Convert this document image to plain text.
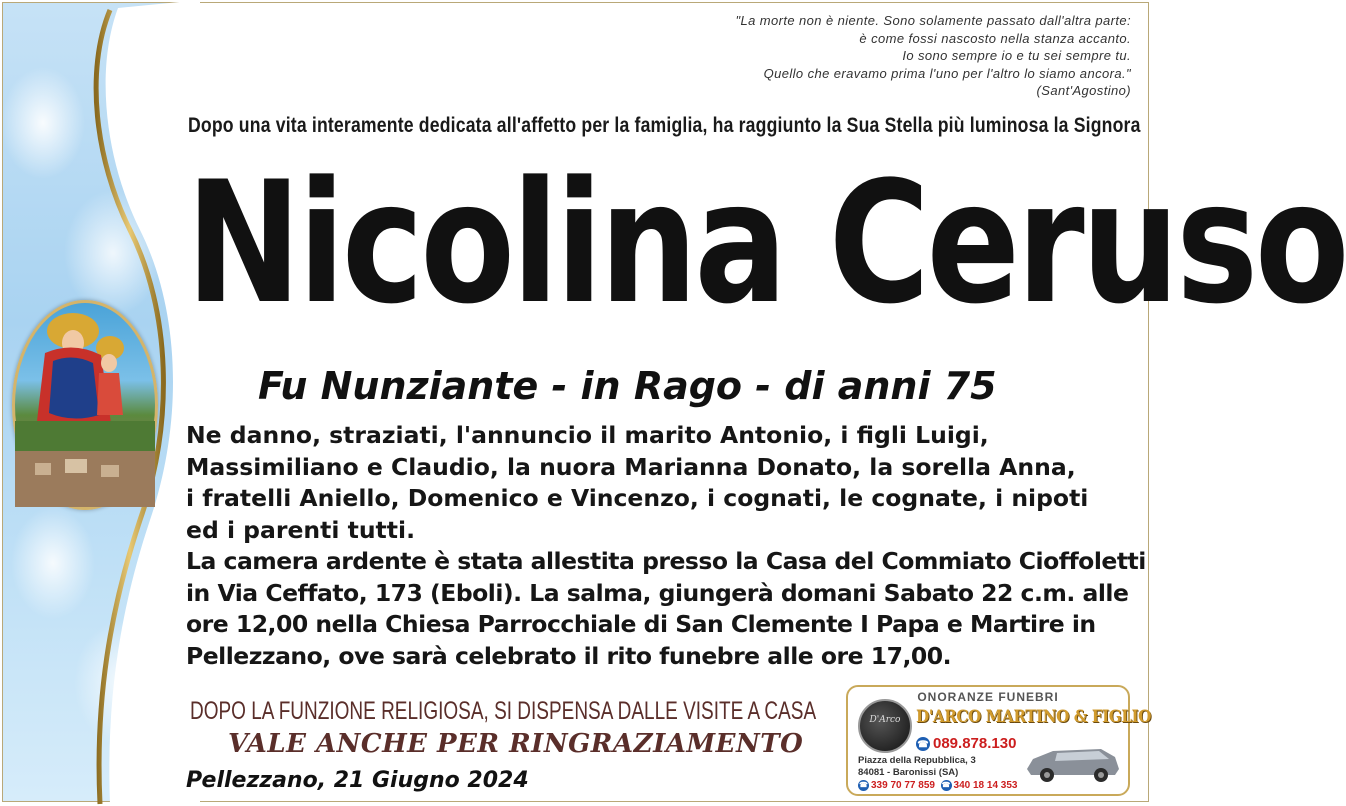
"La morte non è niente. Sono solamente passato dall'altra parte:
è come fossi nascosto nella stanza accanto.
Io sono sempre io e tu sei sempre tu.
Quello che eravamo prima l'uno per l'altro lo siamo ancora."
(Sant'Agostino)
Dopo una vita interamente dedicata all'affetto per la famiglia, ha raggiunto la Sua Stella più luminosa la Signora
Nicolina Ceruso
Fu Nunziante - in Rago - di anni 75

Ne danno, straziati, l'annuncio il marito Antonio, i figli Luigi,

Massimiliano e Claudio, la nuora Marianna Donato, la sorella Anna,

i fratelli Aniello, Domenico e Vincenzo, i cognati, le cognate, i nipoti

ed i parenti tutti.

La camera ardente è stata allestita presso la Casa del Commiato Cioffoletti

in Via Ceffato, 173 (Eboli). La salma, giungerà domani Sabato 22 c.m. alle

ore 12,00 nella Chiesa Parrocchiale di San Clemente I Papa e Martire in

Pellezzano, ove sarà celebrato il rito funebre alle ore 17,00.

DOPO LA FUNZIONE RELIGIOSA, SI DISPENSA DALLE VISITE A CASA
VALE ANCHE PER RINGRAZIAMENTO
Pellezzano, 21 Giugno 2024
ONORANZE FUNEBRI
D'Arco D'ARCO MARTINO & FIGLIO
☎ 089.878.130
Piazza della Repubblica, 3
84081 - Baronissi (SA)
☎ 339 70 77 859 ☎ 340 18 14 353
